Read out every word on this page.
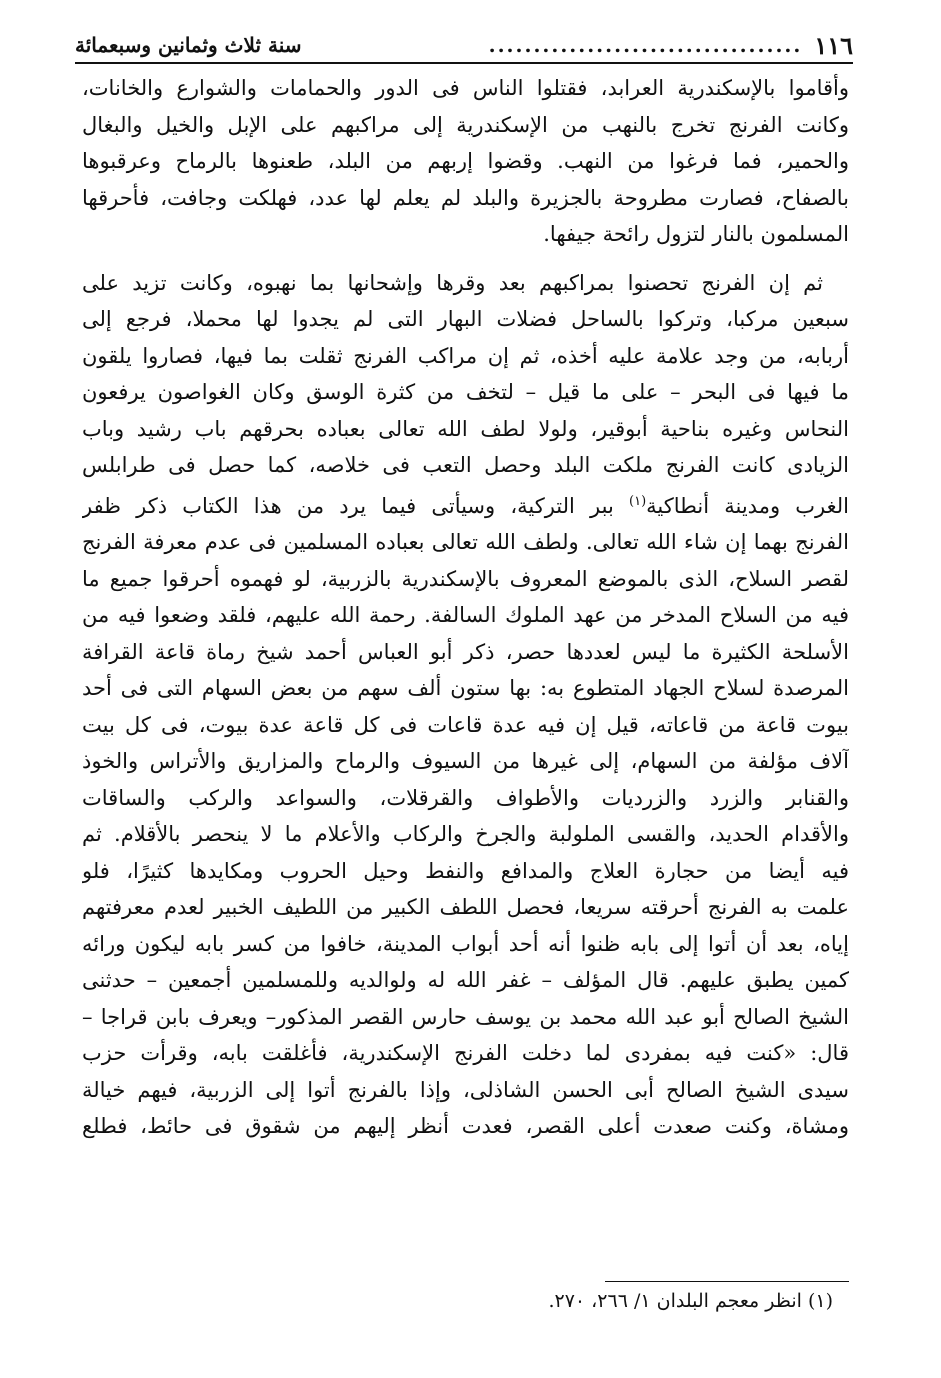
١١٦
...................................
سنة ثلاث وثمانين وسبعمائة

وأقاموا بالإسكندرية العرابد، فقتلوا الناس فى الدور والحمامات والشوارع والخانات،
وكانت الفرنج تخرج بالنهب من الإسكندرية إلى مراكبهم على الإبل والخيل والبغال
والحمير، فما فرغوا من النهب. وقضوا إربهم من البلد، طعنوها بالرماح وعرقبوها
بالصفاح، فصارت مطروحة بالجزيرة والبلد لم يعلم لها عدد، فهلكت وجافت، فأحرقها
المسلمون بالنار لتزول رائحة جيفها.

ثم إن الفرنج تحصنوا بمراكبهم بعد وقرها وإشحانها بما نهبوه، وكانت تزيد على
سبعين مركبا، وتركوا بالساحل فضلات البهار التى لم يجدوا لها محملا، فرجع إلى
أربابه، من وجد علامة عليه أخذه، ثم إن مراكب الفرنج ثقلت بما فيها، فصاروا يلقون
ما فيها فى البحر – على ما قيل – لتخف من كثرة الوسق وكان الغواصون يرفعون
النحاس وغيره بناحية أبوقير، ولولا لطف الله تعالى بعباده بحرقهم باب رشيد وباب
الزيادى كانت الفرنج ملكت البلد وحصل التعب فى خلاصه، كما حصل فى طرابلس
الغرب ومدينة أنطاكية$^{(١)}$ ببر التركية، وسيأتى فيما يرد من هذا الكتاب ذكر ظفر
الفرنج بهما إن شاء الله تعالى. ولطف الله تعالى بعباده المسلمين فى عدم معرفة الفرنج
لقصر السلاح، الذى بالموضع المعروف بالإسكندرية بالزربية، لو فهموه أحرقوا جميع ما
فيه من السلاح المدخر من عهد الملوك السالفة. رحمة الله عليهم، فلقد وضعوا فيه من
الأسلحة الكثيرة ما ليس لعددها حصر، ذكر أبو العباس أحمد شيخ رماة قاعة القرافة
المرصدة لسلاح الجهاد المتطوع به: بها ستون ألف سهم من بعض السهام التى فى أحد
بيوت قاعة من قاعاته، قيل إن فيه عدة قاعات فى كل قاعة عدة بيوت، فى كل بيت
آلاف مؤلفة من السهام، إلى غيرها من السيوف والرماح والمزاريق والأتراس والخوذ
والقنابر والزرد والزرديات والأطواف والقرقلات، والسواعد والركب والساقات
والأقدام الحديد، والقسى الملولبة والجرخ والركاب والأعلام ما لا ينحصر بالأقلام. ثم
فيه أيضا من حجارة العلاج والمدافع والنفط وحيل الحروب ومكايدها كثيرًا، فلو
علمت به الفرنج أحرقته سريعا، فحصل اللطف الكبير من اللطيف الخبير لعدم معرفتهم
إياه، بعد أن أتوا إلى بابه ظنوا أنه أحد أبواب المدينة، خافوا من كسر بابه ليكون ورائه
كمين يطبق عليهم. قال المؤلف – غفر الله له ولوالديه وللمسلمين أجمعين – حدثنى
الشيخ الصالح أبو عبد الله محمد بن يوسف حارس القصر المذكور– ويعرف بابن قراجا –
قال: «كنت فيه بمفردى لما دخلت الفرنج الإسكندرية، فأغلقت بابه، وقرأت حزب
سيدى الشيخ الصالح أبى الحسن الشاذلى، وإذا بالفرنج أتوا إلى الزربية، فيهم خيالة
ومشاة، وكنت صعدت أعلى القصر، فعدت أنظر إليهم من شقوق فى حائط، فطلع

(١) انظر معجم البلدان ١/ ٢٦٦، ٢٧٠.
